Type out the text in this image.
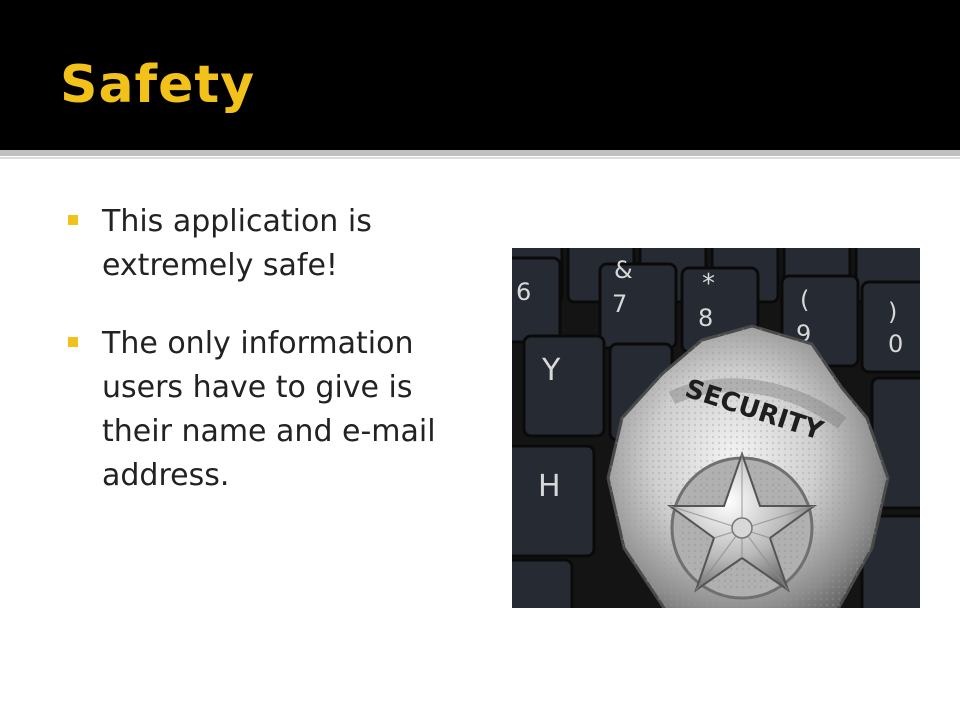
Safety
This application is extremely safe!
The only information users have to give is their name and e-mail address.
6
&
7
*
8
(
9
)
0
Y
H
SECURITY
